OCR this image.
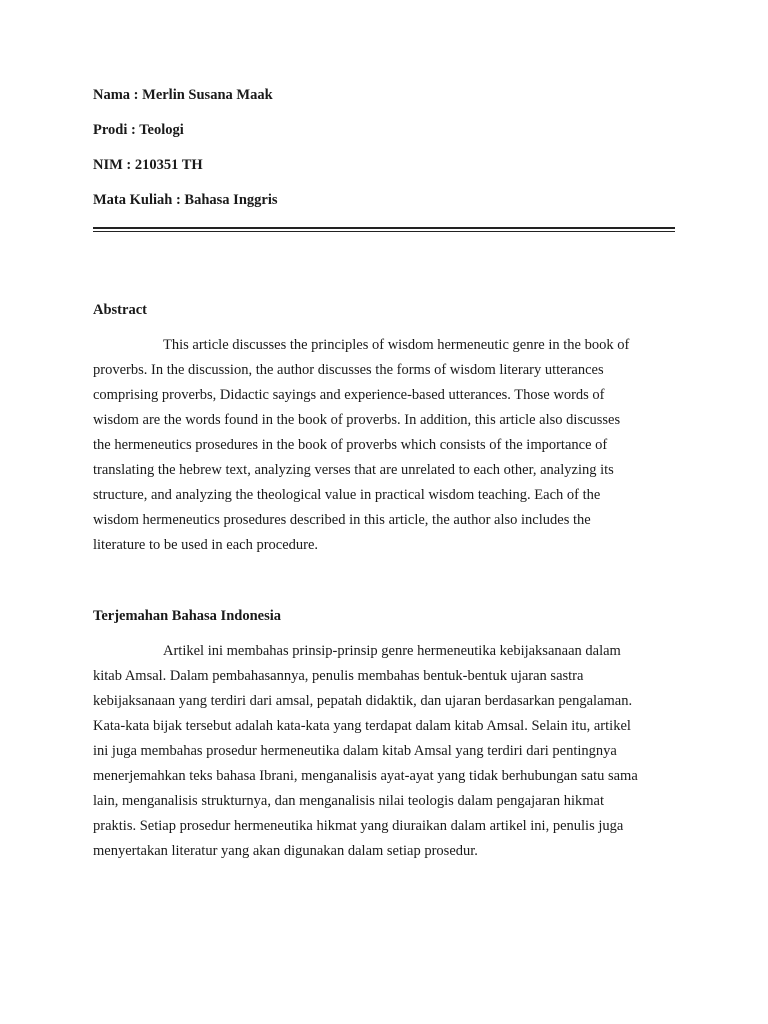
Nama : Merlin Susana Maak
Prodi : Teologi
NIM : 210351 TH
Mata Kuliah : Bahasa Inggris
Abstract
This article discusses the principles of wisdom hermeneutic genre in the book of
proverbs. In the discussion, the author discusses the forms of wisdom literary utterances
comprising proverbs, Didactic sayings and experience-based utterances. Those words of
wisdom are the words found in the book of proverbs. In addition, this article also discusses
the hermeneutics prosedures in the book of proverbs which consists of the importance of
translating the hebrew text, analyzing verses that are unrelated to each other, analyzing its
structure, and analyzing the theological value in practical wisdom teaching. Each of the
wisdom hermeneutics prosedures described in this article, the author also includes the
literature to be used in each procedure.
Terjemahan Bahasa Indonesia
Artikel ini membahas prinsip-prinsip genre hermeneutika kebijaksanaan dalam
kitab Amsal. Dalam pembahasannya, penulis membahas bentuk-bentuk ujaran sastra
kebijaksanaan yang terdiri dari amsal, pepatah didaktik, dan ujaran berdasarkan pengalaman.
Kata-kata bijak tersebut adalah kata-kata yang terdapat dalam kitab Amsal. Selain itu, artikel
ini juga membahas prosedur hermeneutika dalam kitab Amsal yang terdiri dari pentingnya
menerjemahkan teks bahasa Ibrani, menganalisis ayat-ayat yang tidak berhubungan satu sama
lain, menganalisis strukturnya, dan menganalisis nilai teologis dalam pengajaran hikmat
praktis. Setiap prosedur hermeneutika hikmat yang diuraikan dalam artikel ini, penulis juga
menyertakan literatur yang akan digunakan dalam setiap prosedur.
